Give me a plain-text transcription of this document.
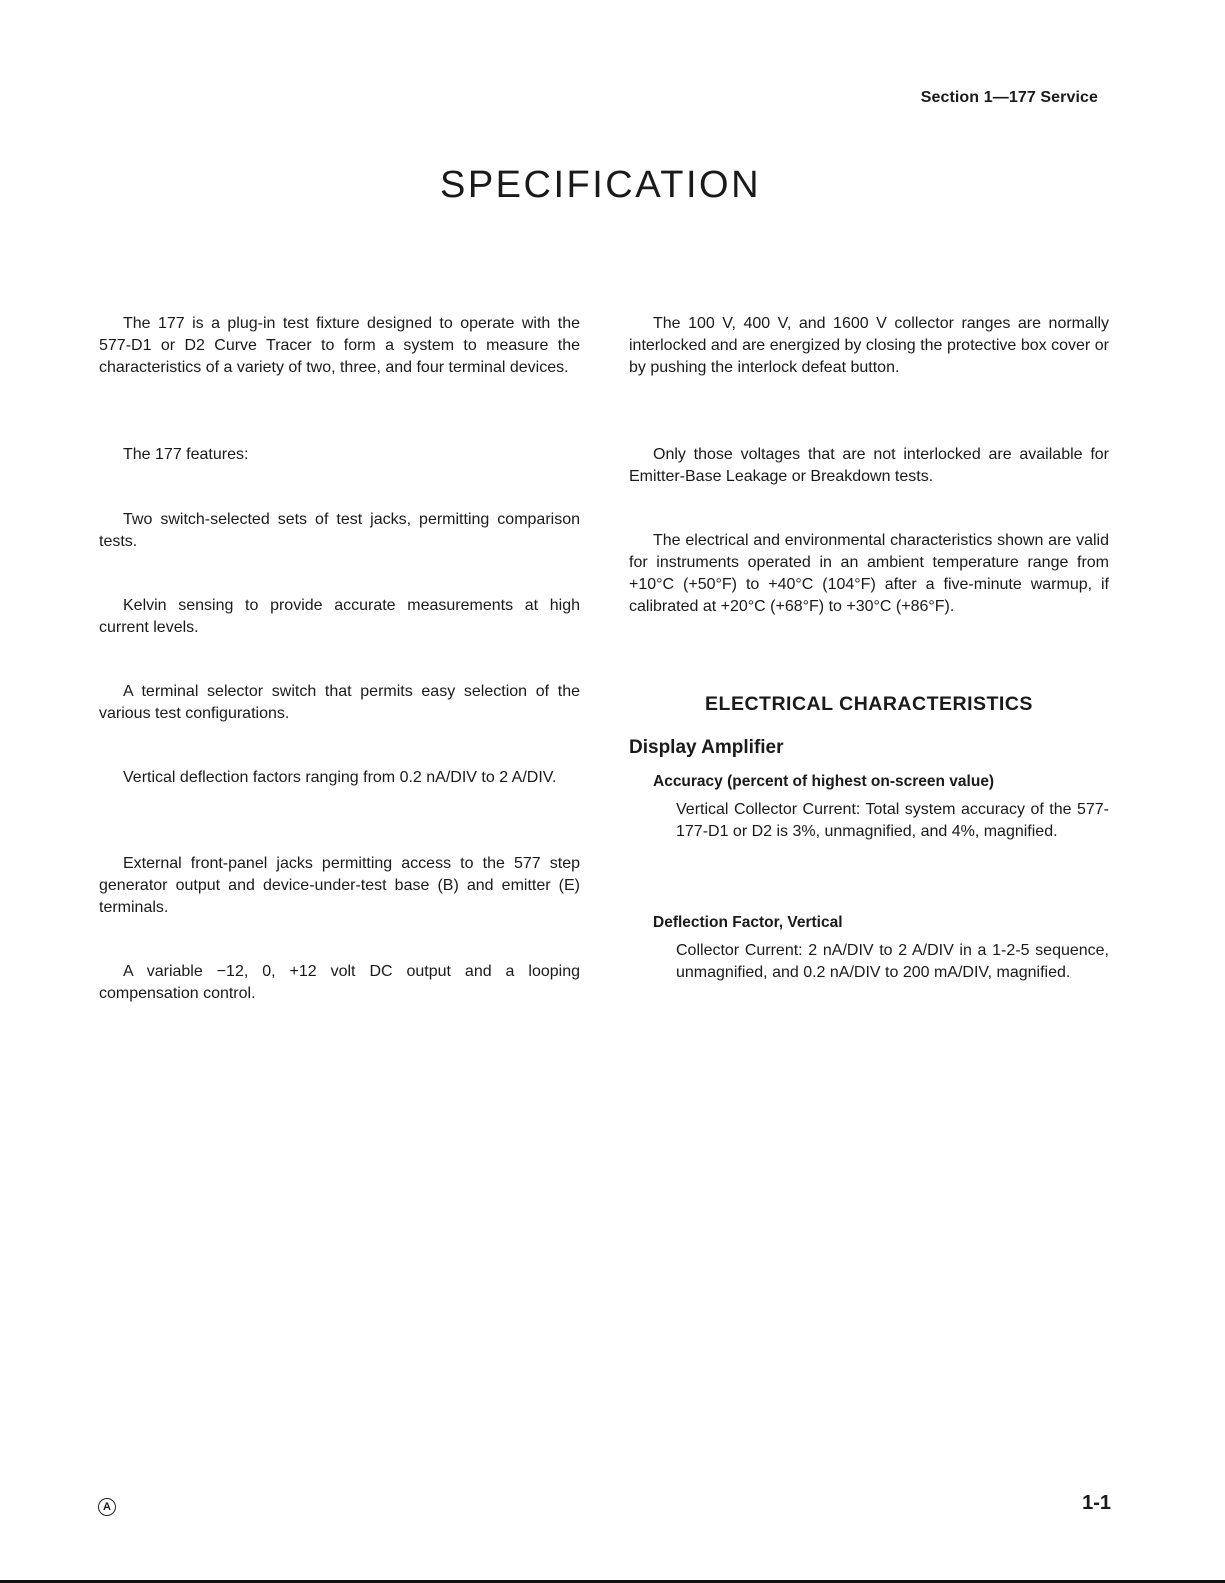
Section 1—177 Service
SPECIFICATION

The 177 is a plug-in test fixture designed to operate with the 577-D1 or D2 Curve Tracer to form a system to measure the characteristics of a variety of two, three, and four terminal devices.

The 177 features:

Two switch-selected sets of test jacks, permitting comparison tests.

Kelvin sensing to provide accurate measurements at high current levels.

A terminal selector switch that permits easy selection of the various test configurations.

Vertical deflection factors ranging from 0.2 nA/DIV to 2 A/DIV.

External front-panel jacks permitting access to the 577 step generator output and device-under-test base (B) and emitter (E) terminals.

A variable −12, 0, +12 volt DC output and a looping compensation control.

The 100 V, 400 V, and 1600 V collector ranges are normally interlocked and are energized by closing the protective box cover or by pushing the interlock defeat button.

Only those voltages that are not interlocked are available for Emitter-Base Leakage or Breakdown tests.

The electrical and environmental characteristics shown are valid for instruments operated in an ambient temperature range from +10°C (+50°F) to +40°C (104°F) after a five-minute warmup, if calibrated at +20°C (+68°F) to +30°C (+86°F).

ELECTRICAL CHARACTERISTICS
Display Amplifier
Accuracy (percent of highest on-screen value)

Vertical Collector Current: Total system accuracy of the 577-177-D1 or D2 is 3%, unmagnified, and 4%, magnified.

Deflection Factor, Vertical

Collector Current: 2 nA/DIV to 2 A/DIV in a 1-2-5 sequence, unmagnified, and 0.2 nA/DIV to 200 mA/DIV, magnified.

A	1-1
